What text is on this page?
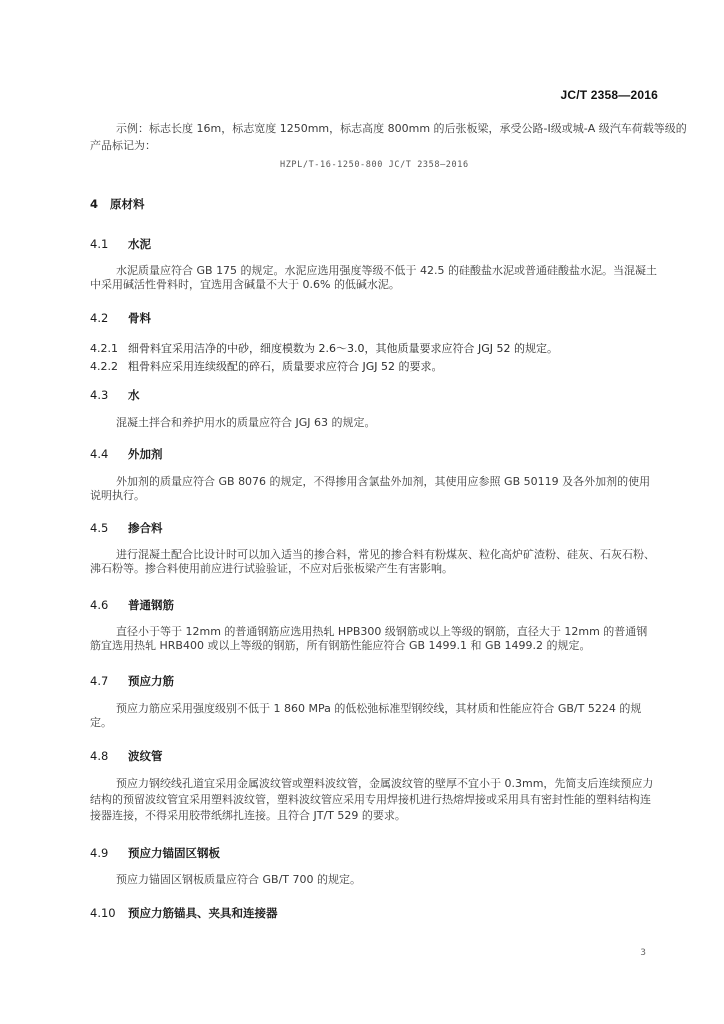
JC/T 2358—2016
示例：标志长度 16m，标志宽度 1250mm，标志高度 800mm 的后张板梁，承受公路-Ⅰ级或城-A 级汽车荷载等级的
产品标记为：
HZPL/T-16-1250-800 JC/T 2358—2016
4 原材料
4.1 水泥
水泥质量应符合 GB 175 的规定。水泥应选用强度等级不低于 42.5 的硅酸盐水泥或普通硅酸盐水泥。当混凝土中采用碱活性骨料时，宜选用含碱量不大于 0.6% 的低碱水泥。
4.2 骨料
4.2.1 细骨料宜采用洁净的中砂，细度模数为 2.6～3.0，其他质量要求应符合 JGJ 52 的规定。
4.2.2 粗骨料应采用连续级配的碎石，质量要求应符合 JGJ 52 的要求。
4.3 水
混凝土拌合和养护用水的质量应符合 JGJ 63 的规定。
4.4 外加剂
外加剂的质量应符合 GB 8076 的规定，不得掺用含氯盐外加剂，其使用应参照 GB 50119 及各外加剂的使用说明执行。
4.5 掺合料
进行混凝土配合比设计时可以加入适当的掺合料，常见的掺合料有粉煤灰、粒化高炉矿渣粉、硅灰、石灰石粉、沸石粉等。掺合料使用前应进行试验验证，不应对后张板梁产生有害影响。
4.6 普通钢筋
直径小于等于 12mm 的普通钢筋应选用热轧 HPB300 级钢筋或以上等级的钢筋，直径大于 12mm 的普通钢筋宜选用热轧 HRB400 或以上等级的钢筋，所有钢筋性能应符合 GB 1499.1 和 GB 1499.2 的规定。
4.7 预应力筋
预应力筋应采用强度级别不低于 1 860 MPa 的低松弛标准型钢绞线，其材质和性能应符合 GB/T 5224 的规定。
4.8 波纹管
预应力钢绞线孔道宜采用金属波纹管或塑料波纹管，金属波纹管的壁厚不宜小于 0.3mm，先简支后连续预应力结构的预留波纹管宜采用塑料波纹管，塑料波纹管应采用专用焊接机进行热熔焊接或采用具有密封性能的塑料结构连接器连接，不得采用胶带纸绑扎连接。且符合 JT/T 529 的要求。
4.9 预应力锚固区钢板
预应力锚固区钢板质量应符合 GB/T 700 的规定。
4.10 预应力筋锚具、夹具和连接器
3
